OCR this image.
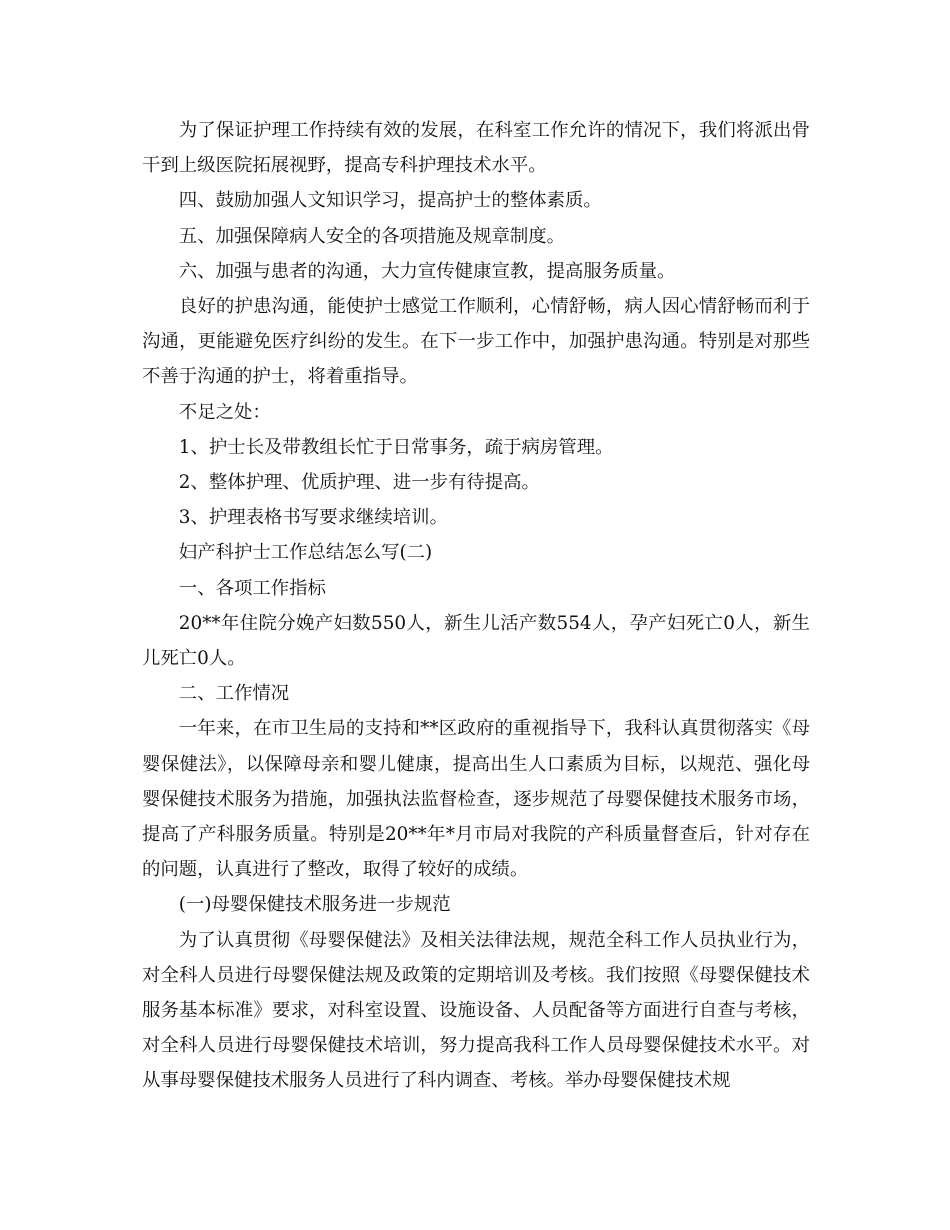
为了保证护理工作持续有效的发展，在科室工作允许的情况下，我们将派出骨干到上级医院拓展视野，提高专科护理技术水平。

四、鼓励加强人文知识学习，提高护士的整体素质。

五、加强保障病人安全的各项措施及规章制度。

六、加强与患者的沟通，大力宣传健康宣教，提高服务质量。

良好的护患沟通，能使护士感觉工作顺利，心情舒畅，病人因心情舒畅而利于沟通，更能避免医疗纠纷的发生。在下一步工作中，加强护患沟通。特别是对那些不善于沟通的护士，将着重指导。

不足之处：

1、护士长及带教组长忙于日常事务，疏于病房管理。

2、整体护理、优质护理、进一步有待提高。

3、护理表格书写要求继续培训。

妇产科护士工作总结怎么写(二)

一、各项工作指标

20**年住院分娩产妇数550人，新生儿活产数554人，孕产妇死亡0人，新生儿死亡0人。

二、工作情况

一年来，在市卫生局的支持和**区政府的重视指导下，我科认真贯彻落实《母婴保健法》，以保障母亲和婴儿健康，提高出生人口素质为目标，以规范、强化母婴保健技术服务为措施，加强执法监督检查，逐步规范了母婴保健技术服务市场，提高了产科服务质量。特别是20**年*月市局对我院的产科质量督查后，针对存在的问题，认真进行了整改，取得了较好的成绩。

(一)母婴保健技术服务进一步规范

为了认真贯彻《母婴保健法》及相关法律法规，规范全科工作人员执业行为，对全科人员进行母婴保健法规及政策的定期培训及考核。我们按照《母婴保健技术服务基本标准》要求，对科室设置、设施设备、人员配备等方面进行自查与考核，对全科人员进行母婴保健技术培训，努力提高我科工作人员母婴保健技术水平。对从事母婴保健技术服务人员进行了科内调查、考核。举办母婴保健技术规
